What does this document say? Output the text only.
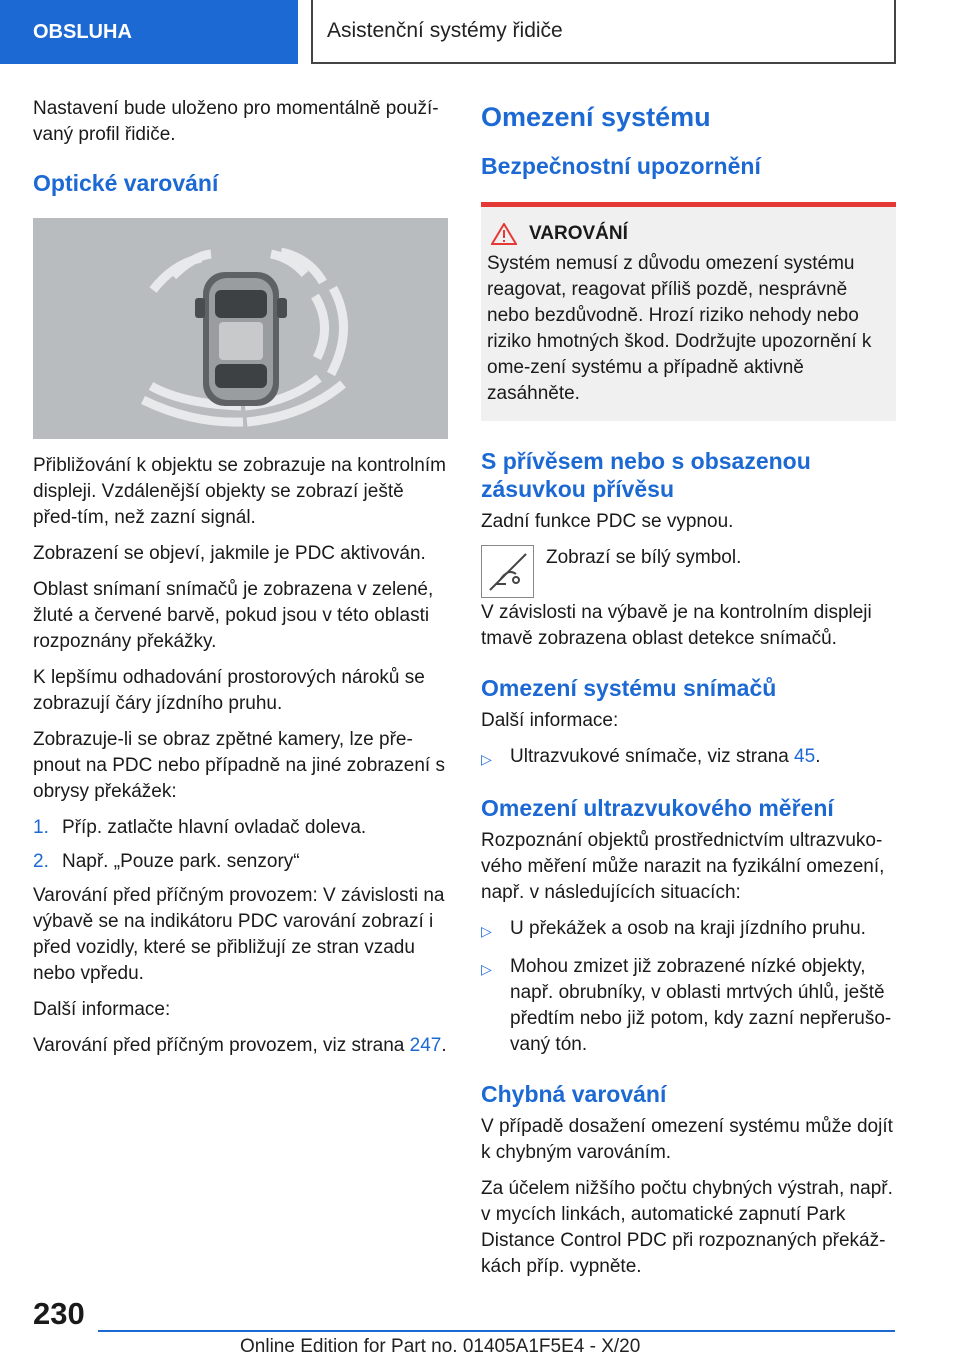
OBSLUHA	Asistenční systémy řidiče

Nastavení bude uloženo pro momentálně použí-vaný profil řidiče.

Optické varování

Přibližování k objektu se zobrazuje na kontrolním displeji. Vzdálenější objekty se zobrazí ještě před-tím, než zazní signál.

Zobrazení se objeví, jakmile je PDC aktivován.

Oblast snímaní snímačů je zobrazena v zelené, žluté a červené barvě, pokud jsou v této oblasti rozpoznány překážky.

K lepšímu odhadování prostorových nároků se zobrazují čáry jízdního pruhu.

Zobrazuje-li se obraz zpětné kamery, lze pře-pnout na PDC nebo případně na jiné zobrazení s obrysy překážek:

1. Příp. zatlačte hlavní ovladač doleva.
2. Např. „Pouze park. senzory“

Varování před příčným provozem: V závislosti na výbavě se na indikátoru PDC varování zobrazí i před vozidly, které se přibližují ze stran vzadu nebo vpředu.

Další informace:

Varování před příčným provozem, viz strana 247.

Omezení systému
Bezpečnostní upozornění
VAROVÁNÍ

Systém nemusí z důvodu omezení systému reagovat, reagovat příliš pozdě, nesprávně nebo bezdůvodně. Hrozí riziko nehody nebo riziko hmotných škod. Dodržujte upozornění k ome-zení systému a případně aktivně zasáhněte.

S přívěsem nebo s obsazenou zásuvkou přívěsu

Zadní funkce PDC se vypnou.

Zobrazí se bílý symbol.

V závislosti na výbavě je na kontrolním displeji tmavě zobrazena oblast detekce snímačů.

Omezení systému snímačů

Další informace:

▷ Ultrazvukové snímače, viz strana 45.
Omezení ultrazvukového měření

Rozpoznání objektů prostřednictvím ultrazvuko-vého měření může narazit na fyzikální omezení, např. v následujících situacích:

▷ U překážek a osob na kraji jízdního pruhu.
▷ Mohou zmizet již zobrazené nízké objekty, např. obrubníky, v oblasti mrtvých úhlů, ještě předtím nebo již potom, kdy zazní nepřerušo-vaný tón.
Chybná varování

V případě dosažení omezení systému může dojít k chybným varováním.

Za účelem nižšího počtu chybných výstrah, např. v mycích linkách, automatické zapnutí Park Distance Control PDC při rozpoznaných překáž-kách příp. vypněte.

230
Online Edition for Part no. 01405A1F5E4 - X/20
